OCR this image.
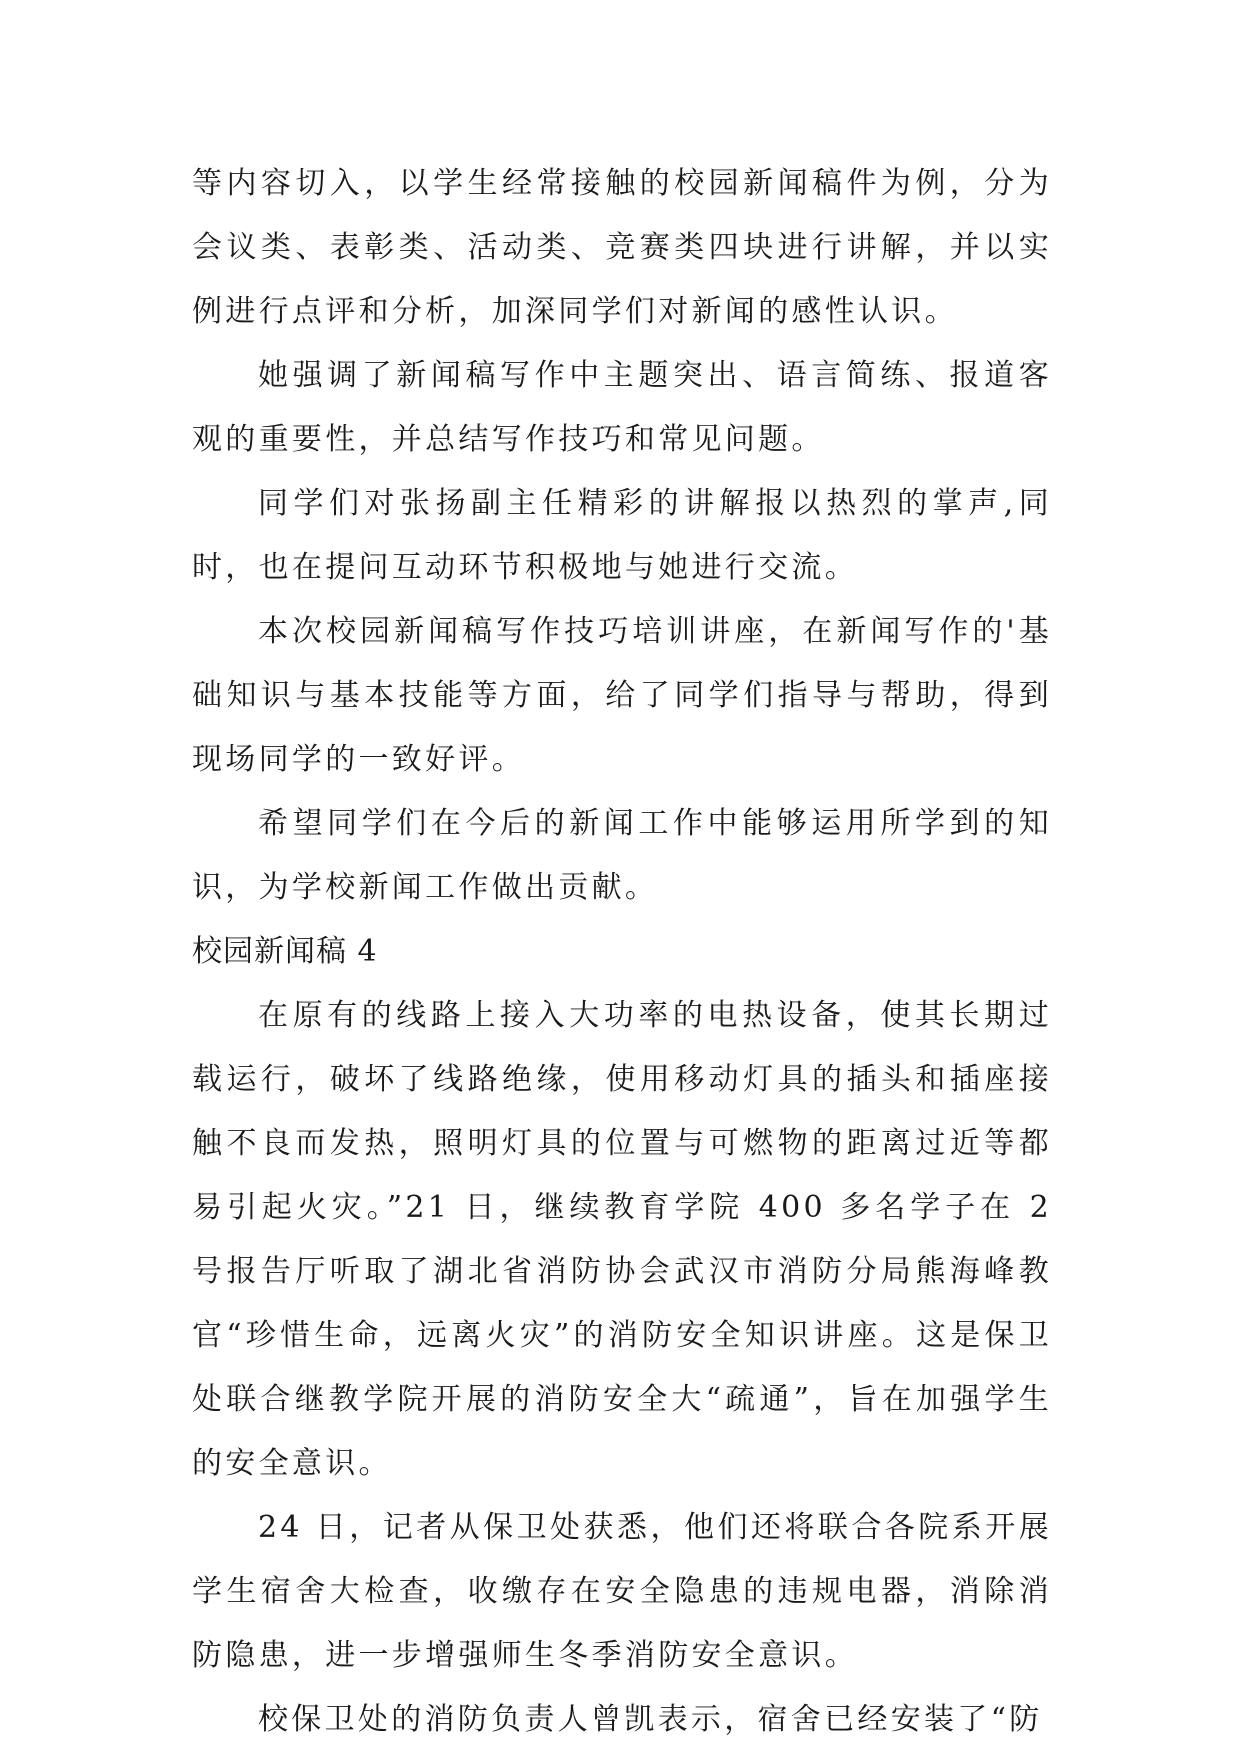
等内容切入，以学生经常接触的校园新闻稿件为例，分为会议类、表彰类、活动类、竞赛类四块进行讲解，并以实例进行点评和分析，加深同学们对新闻的感性认识。

她强调了新闻稿写作中主题突出、语言简练、报道客观的重要性，并总结写作技巧和常见问题。

同学们对张扬副主任精彩的讲解报以热烈的掌声,同时，也在提问互动环节积极地与她进行交流。

本次校园新闻稿写作技巧培训讲座，在新闻写作的'基础知识与基本技能等方面，给了同学们指导与帮助，得到现场同学的一致好评。

希望同学们在今后的新闻工作中能够运用所学到的知识，为学校新闻工作做出贡献。

校园新闻稿 4

在原有的线路上接入大功率的电热设备，使其长期过载运行，破坏了线路绝缘，使用移动灯具的插头和插座接触不良而发热，照明灯具的位置与可燃物的距离过近等都易引起火灾。”21 日，继续教育学院 400 多名学子在 2 号报告厅听取了湖北省消防协会武汉市消防分局熊海峰教官“珍惜生命，远离火灾”的消防安全知识讲座。这是保卫处联合继教学院开展的消防安全大“疏通”，旨在加强学生的安全意识。

24 日，记者从保卫处获悉，他们还将联合各院系开展学生宿舍大检查，收缴存在安全隐患的违规电器，消除消防隐患，进一步增强师生冬季消防安全意识。

校保卫处的消防负责人曾凯表示，宿舍已经安装了“防
